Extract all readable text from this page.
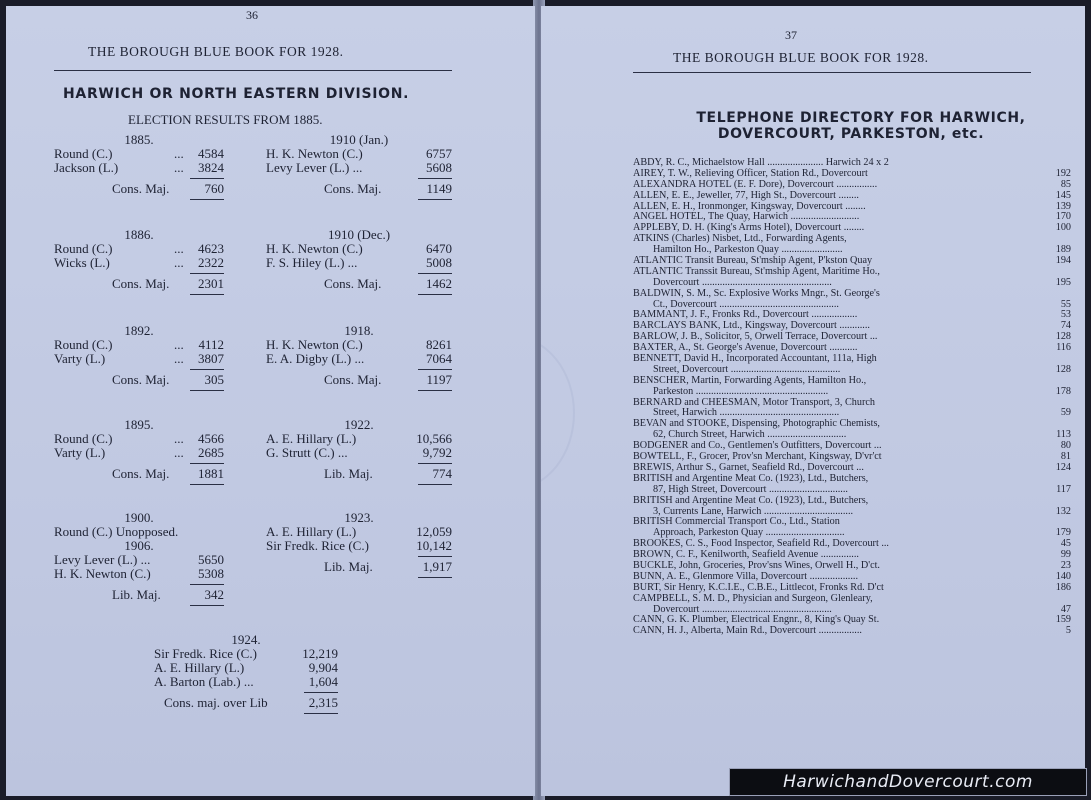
36
THE BOROUGH BLUE BOOK FOR 1928.
HARWICH OR NORTH EASTERN DIVISION.
ELECTION RESULTS FROM 1885.
1885.
Round (C.)	... 4584
Jackson (L.)	... 3824
Cons. Maj.	760
1910 (Jan.)
H. K. Newton (C.)	6757
Levy Lever (L.) ...	5608
Cons. Maj.	1149
1886.
Round (C.)	... 4623
Wicks (L.)	... 2322
Cons. Maj. 2301
1910 (Dec.)
H. K. Newton (C.)	6470
F. S. Hiley (L.) ...	5008
Cons. Maj.	1462
1892.
Round (C.)	... 4112
Varty (L.)	... 3807
Cons. Maj.	305
1918.
H. K. Newton (C.)	8261
E. A. Digby (L.) ...	7064
Cons. Maj.	1197
1895.
Round (C.)	... 4566
Varty (L.)	... 2685
Cons. Maj. 1881
1922.
A. E. Hillary (L.)	10,566
G. Strutt (C.) ...	9,792
Lib. Maj.	774
1900.
Round (C.) Unopposed.
1906.
Levy Lever (L.) ...	5650
H. K. Newton (C.)	5308
Lib. Maj.	342
1923.
A. E. Hillary (L.)	12,059
Sir Fredk. Rice (C.)	10,142
Lib. Maj.	1,917
1924.
Sir Fredk. Rice (C.)	12,219
A. E. Hillary (L.)	9,904
A. Barton (Lab.) ...	1,604
Cons. maj. over Lib	2,315
37
THE BOROUGH BLUE BOOK FOR 1928.
TELEPHONE DIRECTORY FOR HARWICH,
DOVERCOURT, PARKESTON, etc.
ABDY, R. C., Michaelstow Hall ...................... Harwich 24 x 2
AIREY, T. W., Relieving Officer, Station Rd., Dovercourt	192
ALEXANDRA HOTEL (E. F. Dore), Dovercourt ................	85
ALLEN, E. E., Jeweller, 77, High St., Dovercourt ........	145
ALLEN, E. H., Ironmonger, Kingsway, Dovercourt ........	139
ANGEL HOTEL, The Quay, Harwich ...........................	170
APPLEBY, D. H. (King's Arms Hotel), Dovercourt ........	100
ATKINS (Charles) Nisbet, Ltd., Forwarding Agents,
Hamilton Ho., Parkeston Quay ........................	189
ATLANTIC Transit Bureau, St'mship Agent, P'kston Quay	194
ATLANTIC Transsit Bureau, St'mship Agent, Maritime Ho.,
Dovercourt ...................................................	195
BALDWIN, S. M., Sc. Explosive Works Mngr., St. George's
Ct., Dovercourt ...............................................	55
BAMMANT, J. F., Fronks Rd., Dovercourt ..................	53
BARCLAYS BANK, Ltd., Kingsway, Dovercourt ............	74
BARLOW, J. B., Solicitor, 5, Orwell Terrace, Dovercourt ...	128
BAXTER, A., St. George's Avenue, Dovercourt ...........	116
BENNETT, David H., Incorporated Accountant, 111a, High
Street, Dovercourt ...........................................	128
BENSCHER, Martin, Forwarding Agents, Hamilton Ho.,
Parkeston ....................................................	178
BERNARD and CHEESMAN, Motor Transport, 3, Church
Street, Harwich ...............................................	59
BEVAN and STOOKE, Dispensing, Photographic Chemists,
62, Church Street, Harwich ...............................	113
BODGENER and Co., Gentlemen's Outfitters, Dovercourt ...	80
BOWTELL, F., Grocer, Prov'sn Merchant, Kingsway, D'vr'ct	81
BREWIS, Arthur S., Garnet, Seafield Rd., Dovercourt ...	124
BRITISH and Argentine Meat Co. (1923), Ltd., Butchers,
87, High Street, Dovercourt ...............................	117
BRITISH and Argentine Meat Co. (1923), Ltd., Butchers,
3, Currents Lane, Harwich ...................................	132
BRITISH Commercial Transport Co., Ltd., Station
Approach, Parkeston Quay ...............................	179
BROOKES, C. S., Food Inspector, Seafield Rd., Dovercourt ...	45
BROWN, C. F., Kenilworth, Seafield Avenue ...............	99
BUCKLE, John, Groceries, Prov'sns Wines, Orwell H., D'ct.	23
BUNN, A. E., Glenmore Villa, Dovercourt ...................	140
BURT, Sir Henry, K.C.I.E., C.B.E., Littlecot, Fronks Rd. D'ct	186
CAMPBELL, S. M. D., Physician and Surgeon, Glenleary,
Dovercourt ...................................................	47
CANN, G. K. Plumber, Electrical Engnr., 8, King's Quay St.	159
CANN, H. J., Alberta, Main Rd., Dovercourt .................	5
HarwichandDovercourt.com
